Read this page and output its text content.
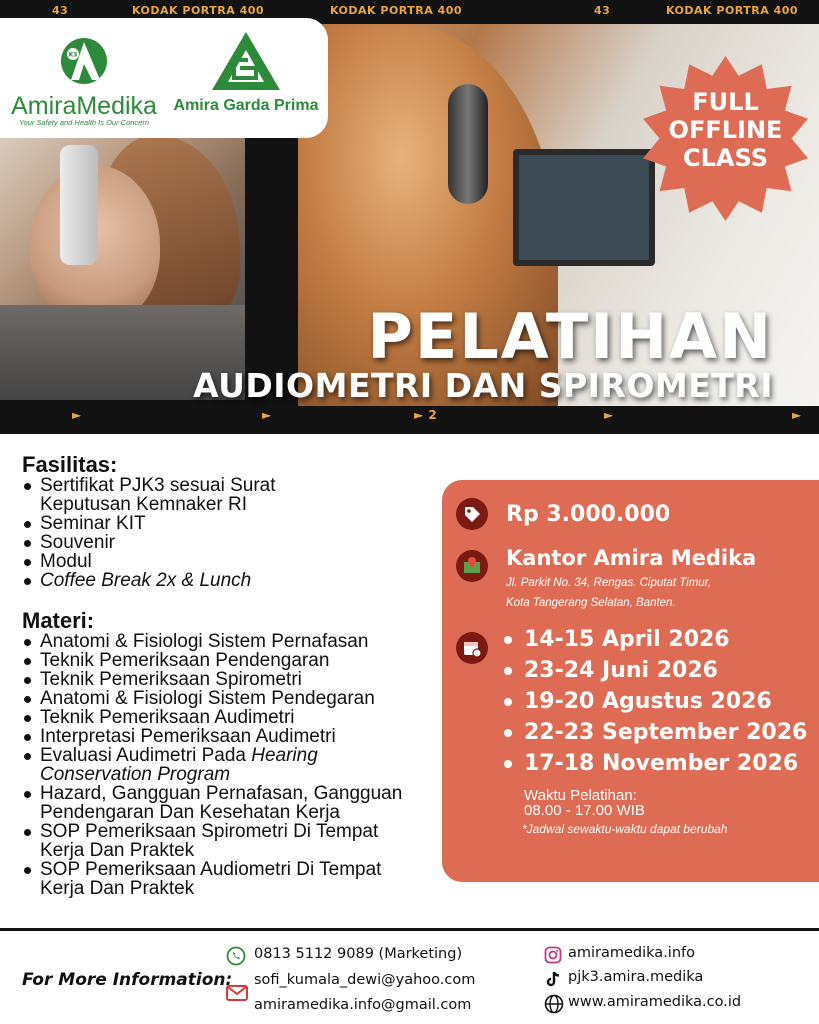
43	KODAK PORTRA 400	KODAK PORTRA 400	43	KODAK PORTRA 400
►	►	► 2	►	►
K3
AmiraMedika
Your Safety and Health Is Our Concern
Amira Garda Prima	FULL
OFFLINE
CLASS
PELATIHAN
AUDIOMETRI DAN SPIROMETRI
Fasilitas:
Sertifikat PJK3 sesuai Surat Keputusan Kemnaker RI
Seminar KIT
Souvenir
Modul
Coffee Break 2x & Lunch
Materi:
Anatomi & Fisiologi Sistem Pernafasan
Teknik Pemeriksaan Pendengaran
Teknik Pemeriksaan Spirometri
Anatomi & Fisiologi Sistem Pendegaran
Teknik Pemeriksaan Audimetri
Interpretasi Pemeriksaan Audimetri
Evaluasi Audimetri Pada Hearing Conservation Program
Hazard, Gangguan Pernafasan, Gangguan Pendengaran Dan Kesehatan Kerja
SOP Pemeriksaan Spirometri Di Tempat Kerja Dan Praktek
SOP Pemeriksaan Audiometri Di Tempat Kerja Dan Praktek
Rp 3.000.000
Kantor Amira Medika
Jl. Parkit No. 34, Rengas. Ciputat Timur,
Kota Tangerang Selatan, Banten.
14-15 April 2026
23-24 Juni 2026
19-20 Agustus 2026
22-23 September 2026
17-18 November 2026
Waktu Pelatihan:
08.00 - 17.00 WIB
*Jadwal sewaktu-waktu dapat berubah
For More Information:
0813 5112 9089 (Marketing)
sofi_kumala_dewi@yahoo.com
amiramedika.info@gmail.com
amiramedika.info
pjk3.amira.medika
www.amiramedika.co.id
